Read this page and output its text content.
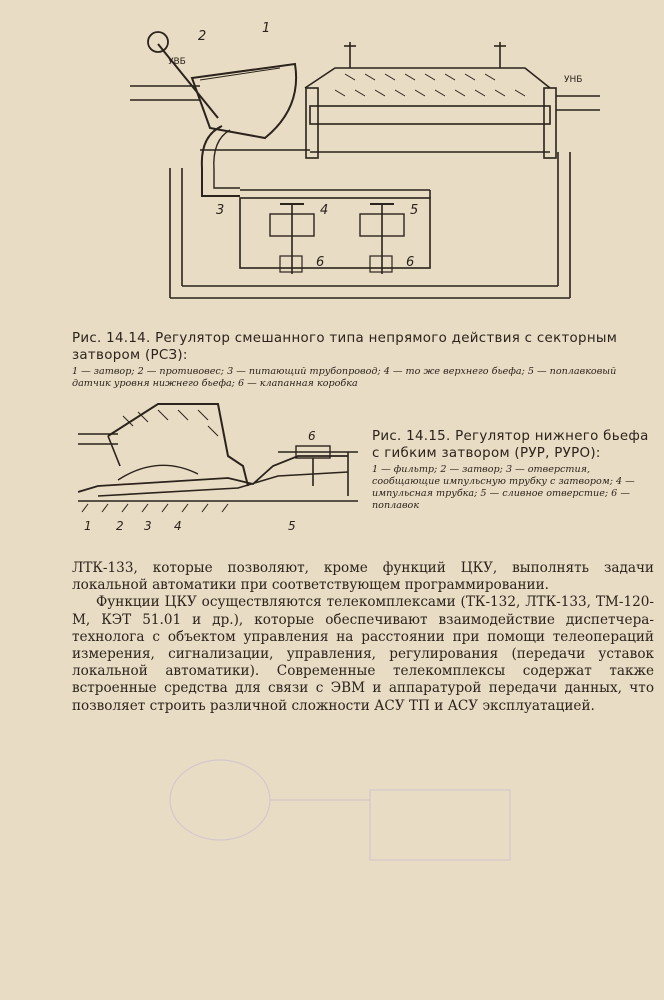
2
1
3	4	5
6	6
УВБ
УНБ

Рис. 14.14. Регулятор смешанного типа непрямого действия с секторным затвором (РСЗ):

1 — затвор; 2 — противовес; 3 — питающий трубопровод; 4 — то же верхнего бьефа; 5 — поплавковый датчик уровня нижнего бьефа; 6 — клапанная коробка

1 2 3 4	5
6	Рис. 14.15. Регулятор нижнего бьефа с гибким затвором (РУР, РУРО):

1 — фильтр; 2 — затвор; 3 — отверстия, сообщающие импульсную трубку с затвором; 4 — импульсная трубка; 5 — сливное отверстие; 6 — поплавок

ЛТК-133, которые позволяют, кроме функций ЦКУ, выполнять задачи локальной автоматики при соответствующем программировании.

Функции ЦКУ осуществляются телекомплексами (ТК-132, ЛТК-133, ТМ-120-М, КЭТ 51.01 и др.), которые обеспечивают взаимодействие диспетчера-технолога с объектом управления на расстоянии при помощи телеопераций измерения, сигнализации, управления, регулирования (передачи уставок локальной автоматики). Современные телекомплексы содержат также встроенные средства для связи с ЭВМ и аппаратурой передачи данных, что позволяет строить различной сложности АСУ ТП и АСУ эксплуатацией.
